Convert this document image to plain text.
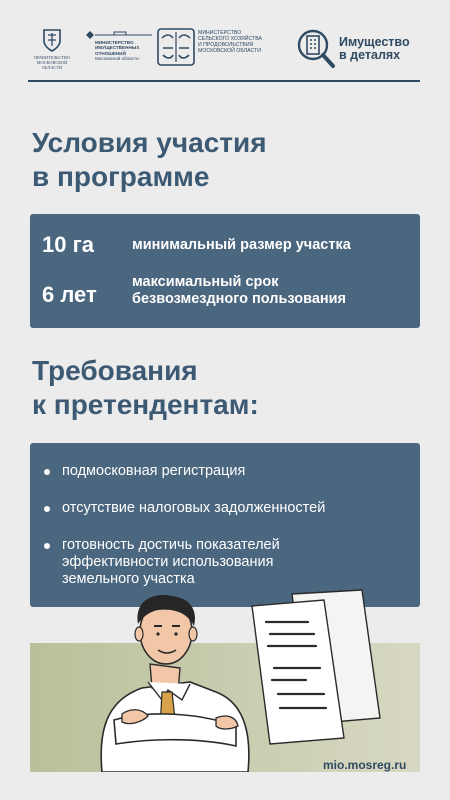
ПРАВИТЕЛЬСТВО
МОСКОВСКОЙ
ОБЛАСТИ
МИНИСТЕРСТВО
ИМУЩЕСТВЕННЫХ
ОТНОШЕНИЙ
Московской области
МИНИСТЕРСТВО
СЕЛЬСКОГО ХОЗЯЙСТВА
И ПРОДОВОЛЬСТВИЯ
МОСКОВСКОЙ ОБЛАСТИ
Имущество
в деталях
Условия участия
в программе
10 га	минимальный размер участка
6 лет максимальный срок
безвозмездного пользования
Требования
к претендентам:
подмосковная регистрация
отсутствие налоговых задолженностей
готовность достичь показателей
эффективности использования
земельного участка
mio.mosreg.ru
